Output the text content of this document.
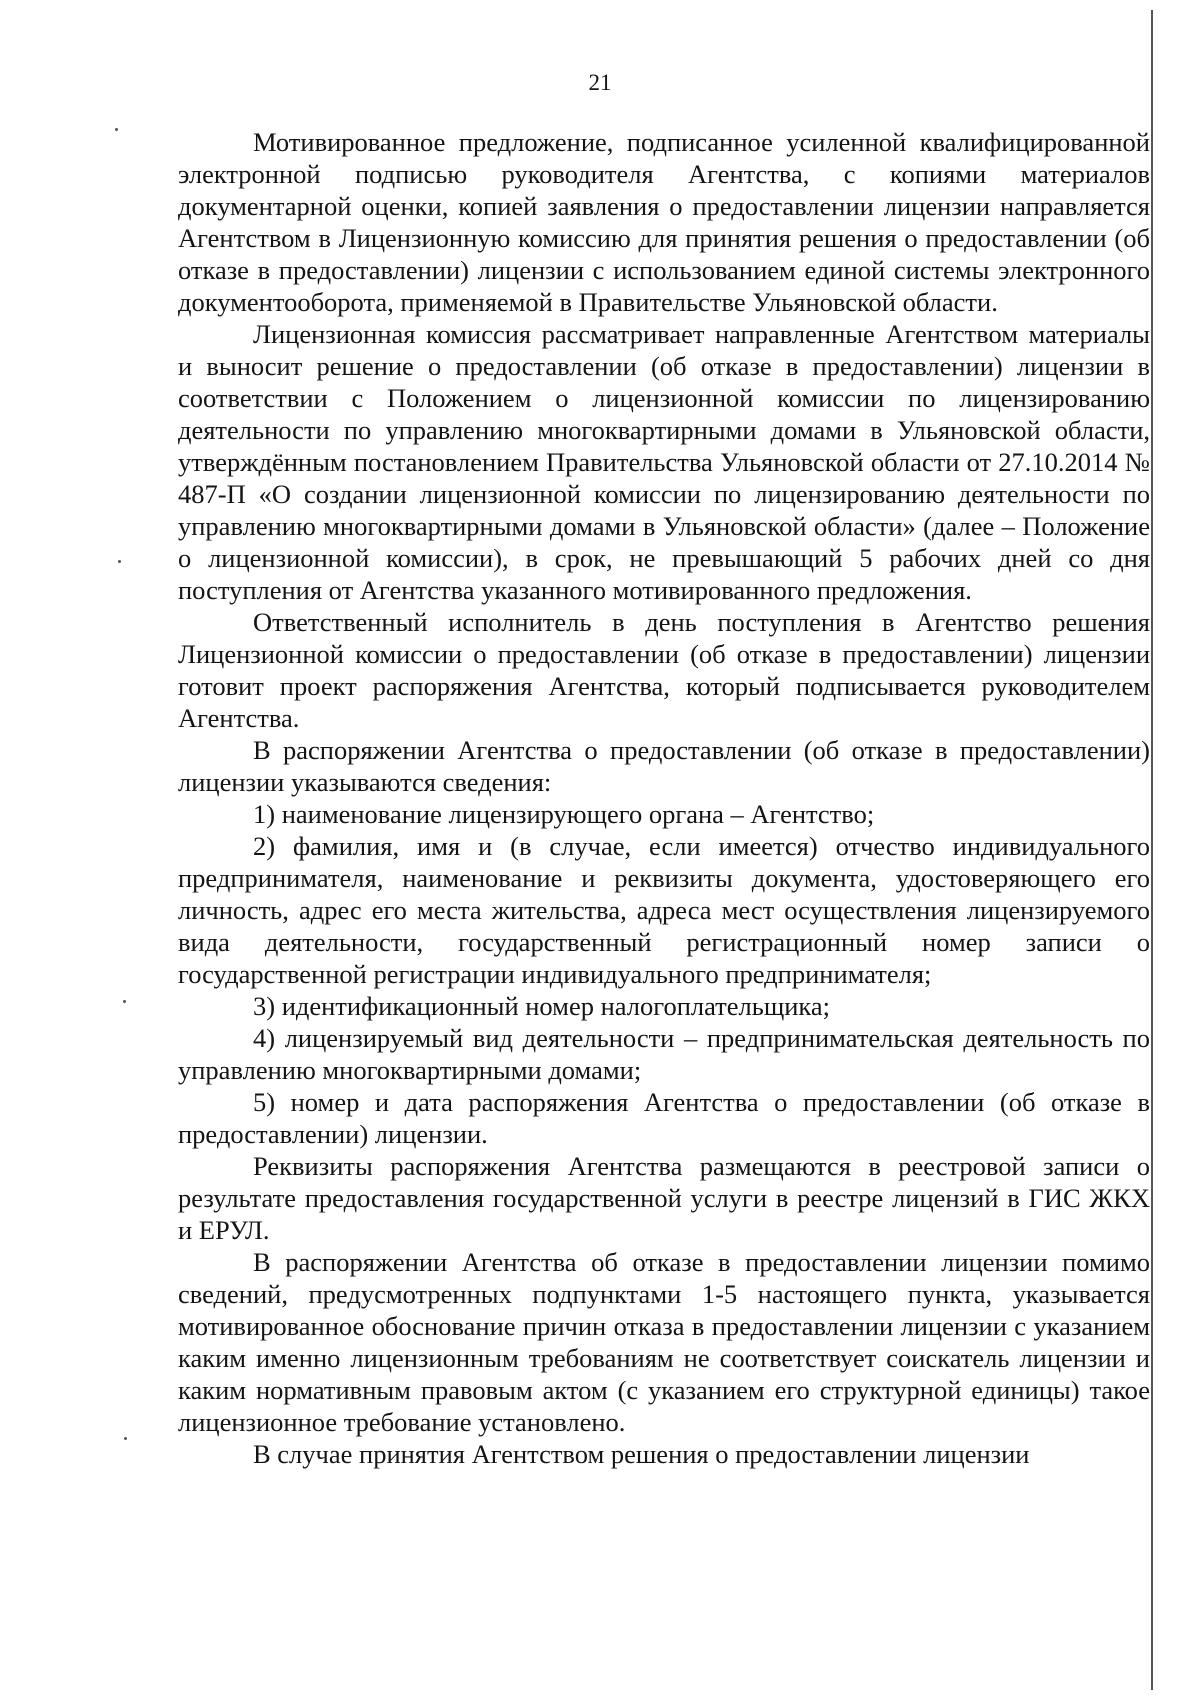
21

Мотивированное предложение, подписанное усиленной квалифицированной электронной подписью руководителя Агентства, с копиями материалов документарной оценки, копией заявления о предоставлении лицензии направляется Агентством в Лицензионную комиссию для принятия решения о предоставлении (об отказе в предоставлении) лицензии с использованием единой системы электронного документооборота, применяемой в Правительстве Ульяновской области.

Лицензионная комиссия рассматривает направленные Агентством материалы и выносит решение о предоставлении (об отказе в предоставлении) лицензии в соответствии с Положением о лицензионной комиссии по лицензированию деятельности по управлению многоквартирными домами в Ульяновской области, утверждённым постановлением Правительства Ульяновской области от 27.10.2014 № 487-П «О создании лицензионной комиссии по лицензированию деятельности по управлению многоквартирными домами в Ульяновской области» (далее – Положение о лицензионной комиссии), в срок, не превышающий 5 рабочих дней со дня поступления от Агентства указанного мотивированного предложения.

Ответственный исполнитель в день поступления в Агентство решения Лицензионной комиссии о предоставлении (об отказе в предоставлении) лицензии готовит проект распоряжения Агентства, который подписывается руководителем Агентства.

В распоряжении Агентства о предоставлении (об отказе в предоставлении) лицензии указываются сведения:

1) наименование лицензирующего органа – Агентство;

2) фамилия, имя и (в случае, если имеется) отчество индивидуального предпринимателя, наименование и реквизиты документа, удостоверяющего его личность, адрес его места жительства, адреса мест осуществления лицензируемого вида деятельности, государственный регистрационный номер записи о государственной регистрации индивидуального предпринимателя;

3) идентификационный номер налогоплательщика;

4) лицензируемый вид деятельности – предпринимательская деятельность по управлению многоквартирными домами;

5) номер и дата распоряжения Агентства о предоставлении (об отказе в предоставлении) лицензии.

Реквизиты распоряжения Агентства размещаются в реестровой записи о результате предоставления государственной услуги в реестре лицензий в ГИС ЖКХ и ЕРУЛ.

В распоряжении Агентства об отказе в предоставлении лицензии помимо сведений, предусмотренных подпунктами 1-5 настоящего пункта, указывается мотивированное обоснование причин отказа в предоставлении лицензии с указанием каким именно лицензионным требованиям не соответствует соискатель лицензии и каким нормативным правовым актом (с указанием его структурной единицы) такое лицензионное требование установлено.

В случае принятия Агентством решения о предоставлении лицензии
